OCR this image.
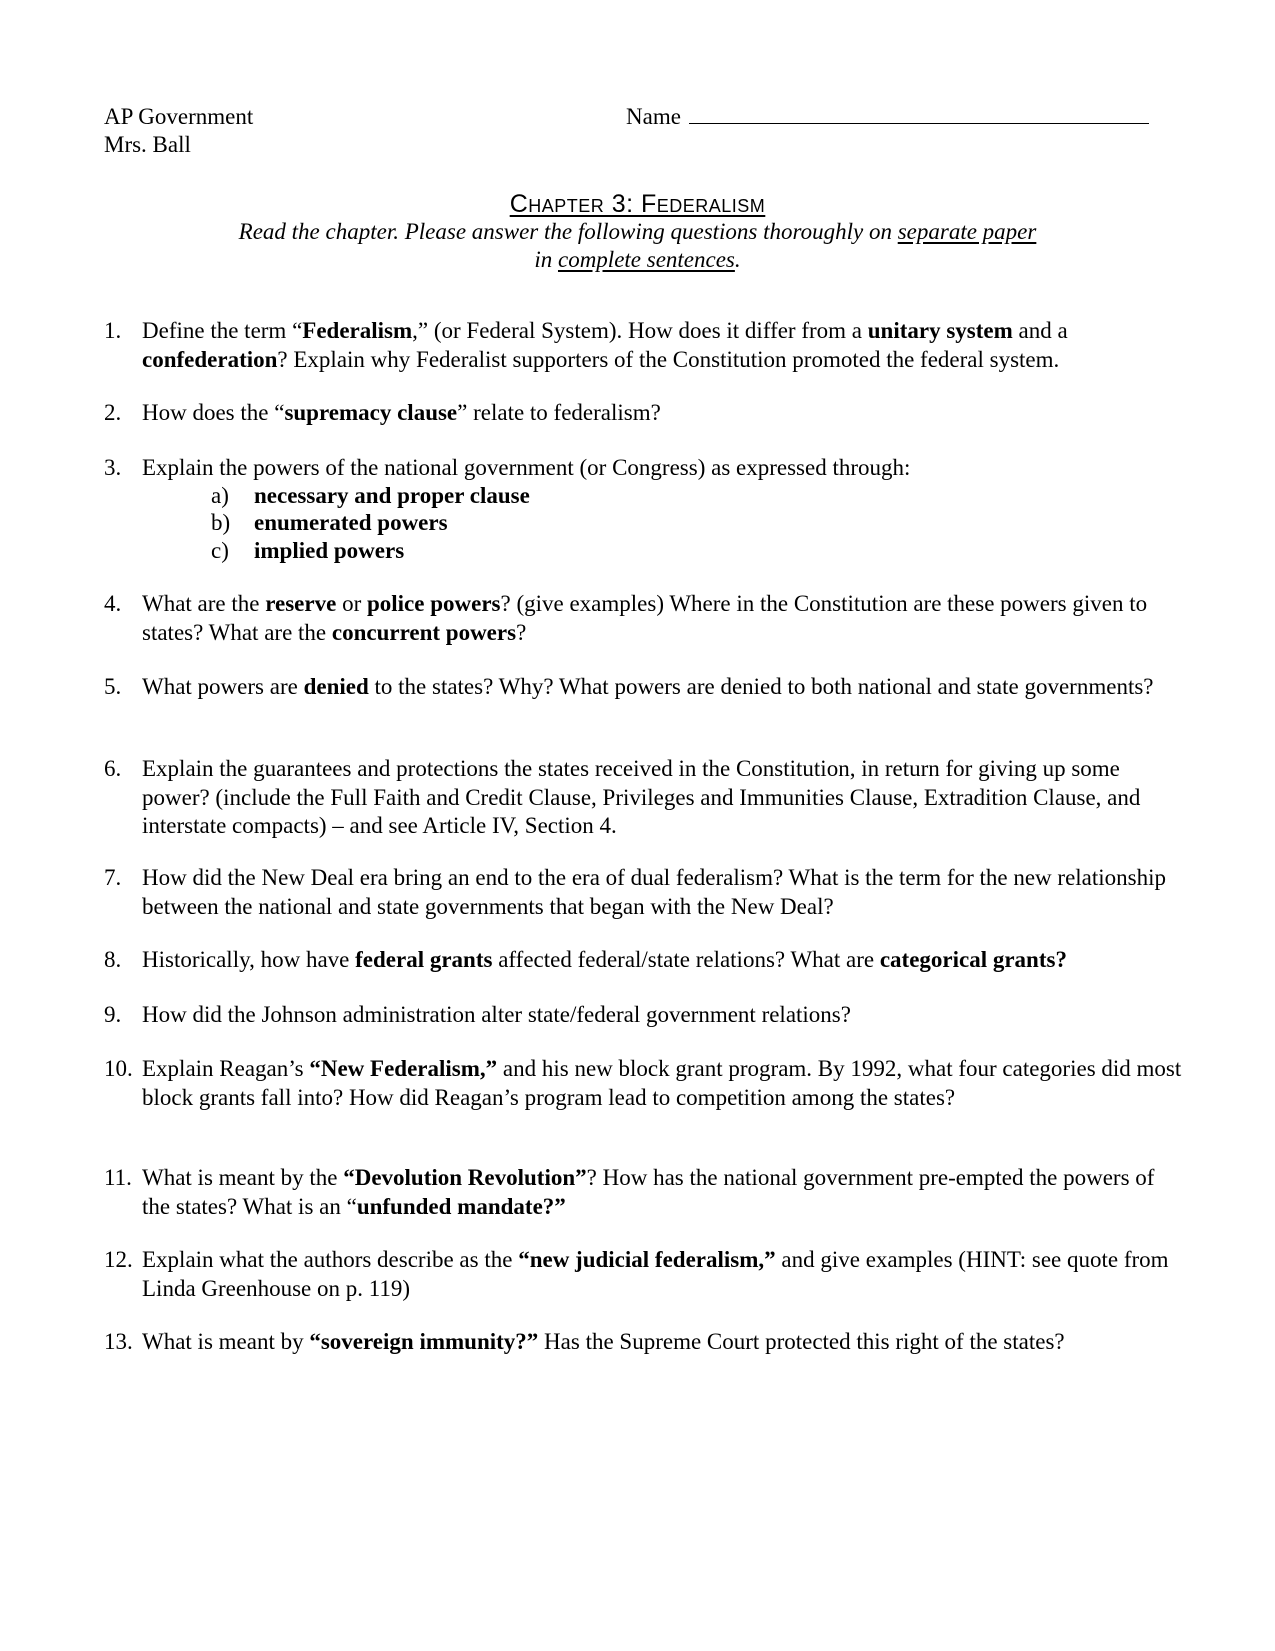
AP Government
Mrs. Ball
Name
Chapter 3: Federalism
Read the chapter. Please answer the following questions thoroughly on separate paper
in complete sentences.
1. Define the term “Federalism,” (or Federal System). How does it differ from a unitary system and a confederation? Explain why Federalist supporters of the Constitution promoted the federal system.
2. How does the “supremacy clause” relate to federalism?
3. Explain the powers of the national government (or Congress) as expressed through:
4. What are the reserve or police powers? (give examples) Where in the Constitution are these powers given to states? What are the concurrent powers?
5. What powers are denied to the states? Why? What powers are denied to both national and state governments?
6. Explain the guarantees and protections the states received in the Constitution, in return for giving up some power? (include the Full Faith and Credit Clause, Privileges and Immunities Clause, Extradition Clause, and interstate compacts) – and see Article IV, Section 4.
7. How did the New Deal era bring an end to the era of dual federalism? What is the term for the new relationship between the national and state governments that began with the New Deal?
8. Historically, how have federal grants affected federal/state relations? What are categorical grants?
9. How did the Johnson administration alter state/federal government relations?
10. Explain Reagan’s “New Federalism,” and his new block grant program. By 1992, what four categories did most block grants fall into? How did Reagan’s program lead to competition among the states?
11. What is meant by the “Devolution Revolution”? How has the national government pre-empted the powers of the states? What is an “unfunded mandate?”
12. Explain what the authors describe as the “new judicial federalism,” and give examples (HINT: see quote from Linda Greenhouse on p. 119)
13. What is meant by “sovereign immunity?” Has the Supreme Court protected this right of the states?
a) necessary and proper clause
b) enumerated powers
c) implied powers
